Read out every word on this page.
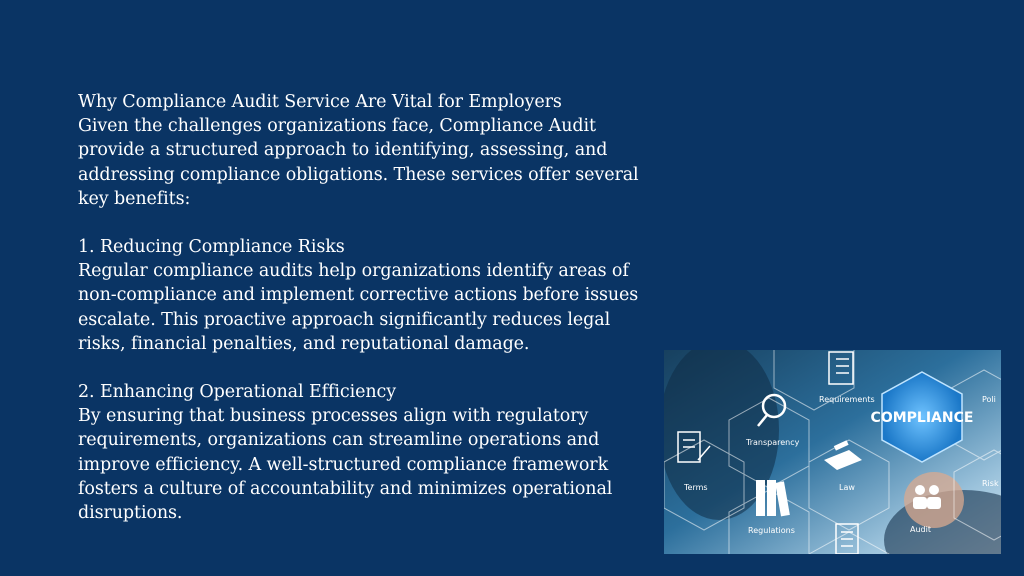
Why Compliance Audit Service Are Vital for Employers

Given the challenges organizations face, Compliance Audit
provide a structured approach to identifying, assessing, and
addressing compliance obligations. These services offer several
key benefits:

1. Reducing Compliance Risks

Regular compliance audits help organizations identify areas of
non-compliance and implement corrective actions before issues
escalate. This proactive approach significantly reduces legal
risks, financial penalties, and reputational damage.

2. Enhancing Operational Efficiency

By ensuring that business processes align with regulatory
requirements, organizations can streamline operations and
improve efficiency. A well-structured compliance framework
fosters a culture of accountability and minimizes operational
disruptions.

COMPLIANCE
Requirements
Transparency
Terms	Law
Regulations	Audit
Poli
Risk
